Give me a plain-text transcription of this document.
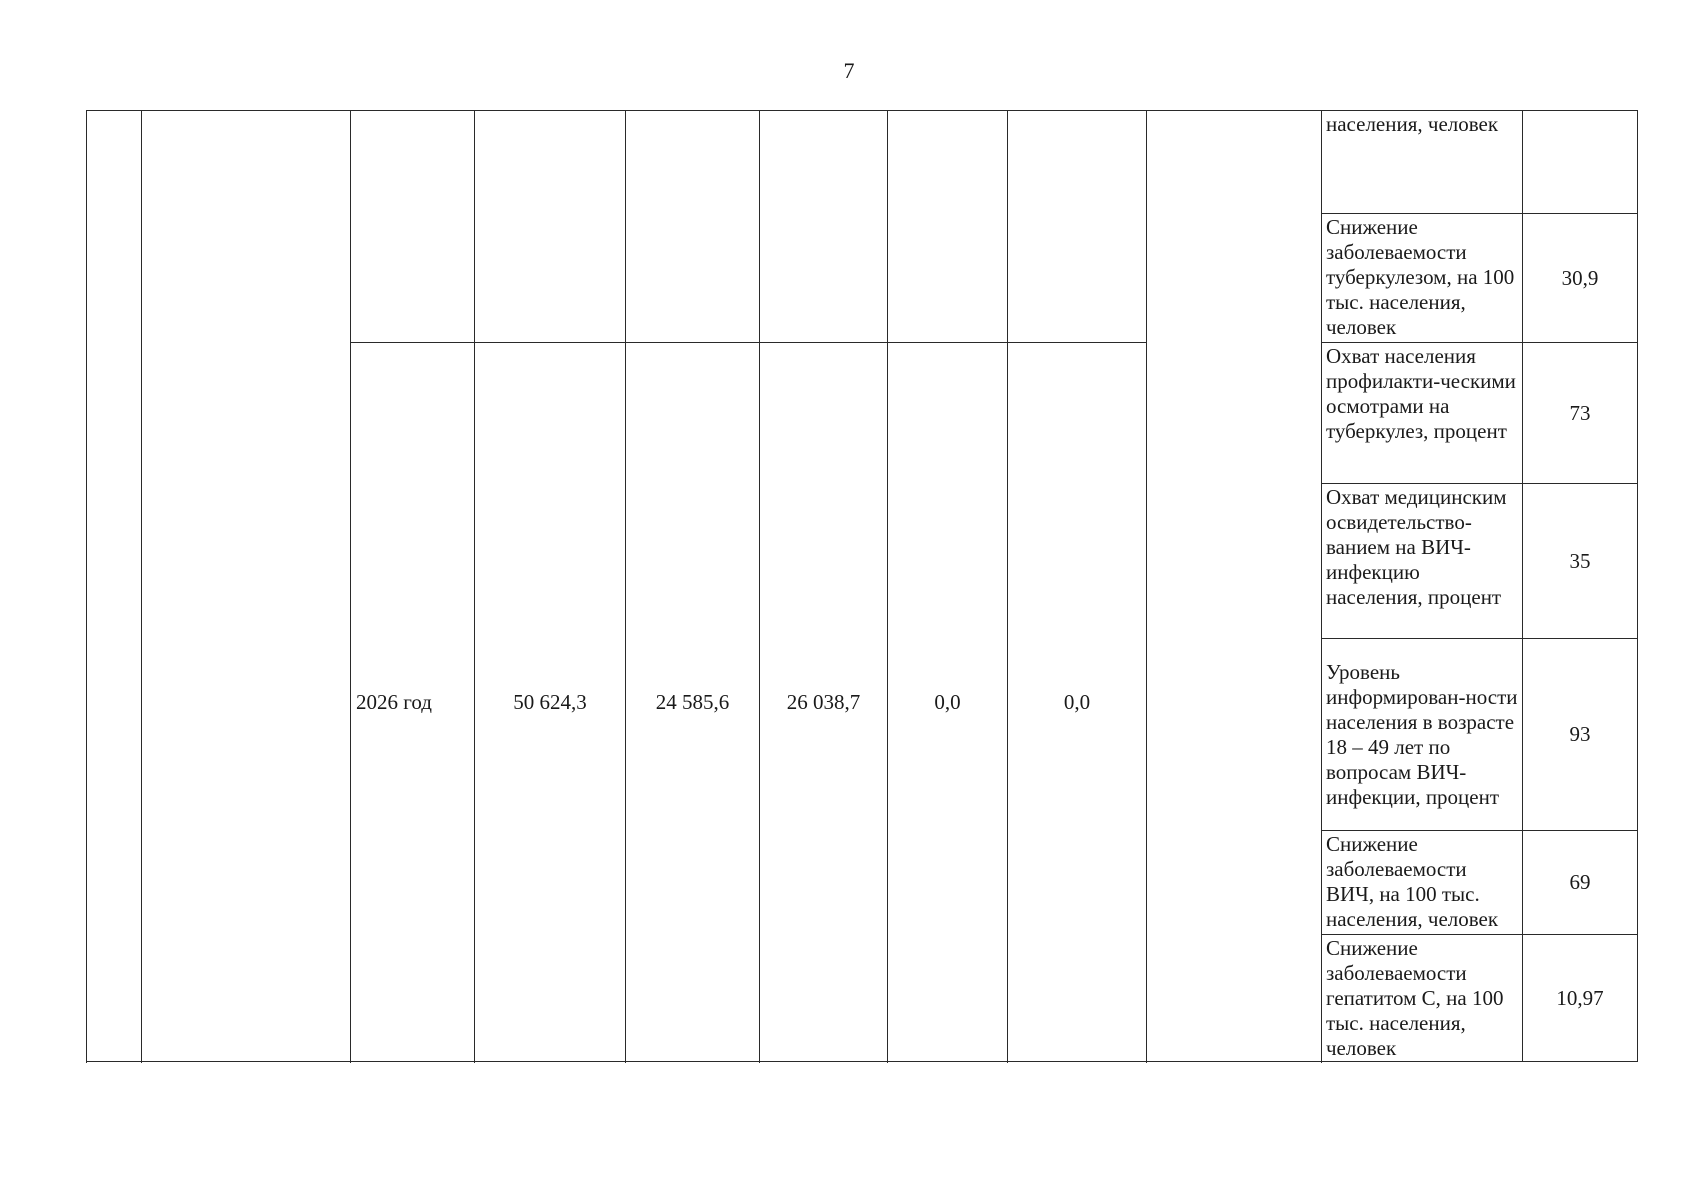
7
									населения, человек	
									Снижение заболеваемости туберкулезом, на 100 тыс. населения, человек	30,9
		2026 год	50 624,3	24 585,6	26 038,7	0,0	0,0		Охват населения профилакти-ческими осмотрами на туберкулез, процент	73
									Охват медицинским освидетельство-ванием на ВИЧ-инфекцию населения, процент	35
									Уровень информирован-ности населения в возрасте 18 – 49 лет по вопросам ВИЧ-инфекции, процент	93
									Снижение заболеваемости ВИЧ, на 100 тыс. населения, человек	69
									Снижение заболеваемости гепатитом С, на 100 тыс. населения, человек	10,97
